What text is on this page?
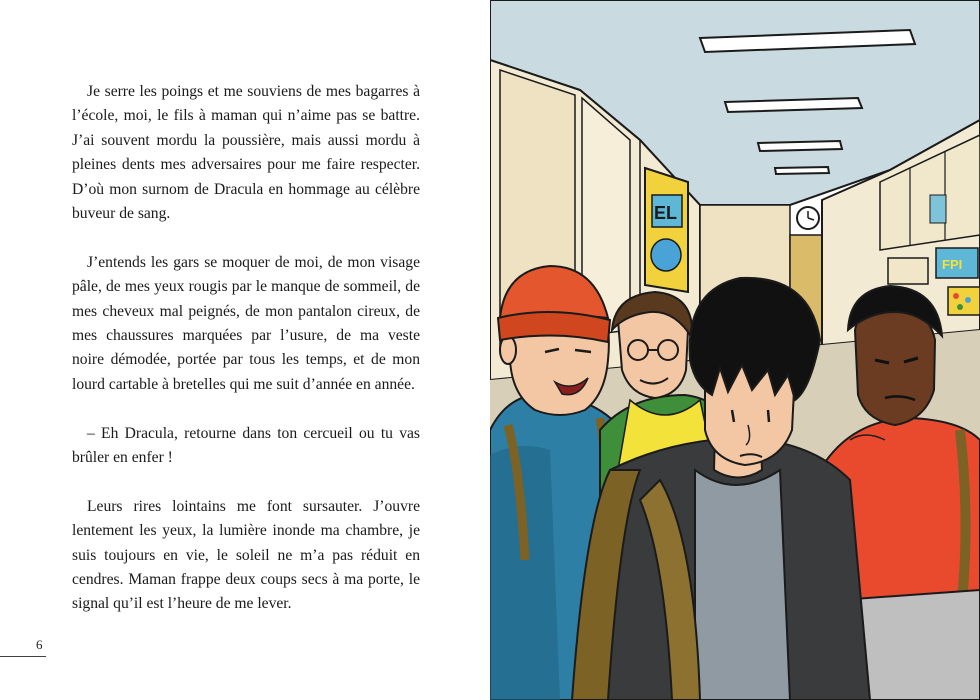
Je serre les poings et me souviens de mes bagarres à l’école, moi, le fils à maman qui n’aime pas se battre. J’ai souvent mordu la poussière, mais aussi mordu à pleines dents mes adversaires pour me faire respecter. D’où mon surnom de Dracula en hommage au célèbre buveur de sang.

J’entends les gars se moquer de moi, de mon visage pâle, de mes yeux rougis par le manque de sommeil, de mes cheveux mal peignés, de mon pantalon cireux, de mes chaussures marquées par l’usure, de ma veste noire démodée, portée par tous les temps, et de mon lourd cartable à bretelles qui me suit d’année en année.

– Eh Dracula, retourne dans ton cercueil ou tu vas brûler en enfer !

Leurs rires lointains me font sursauter. J’ouvre lentement les yeux, la lumière inonde ma chambre, je suis toujours en vie, le soleil ne m’a pas réduit en cendres. Maman frappe deux coups secs à ma porte, le signal qu’il est l’heure de me lever.

6
EL
FPI
